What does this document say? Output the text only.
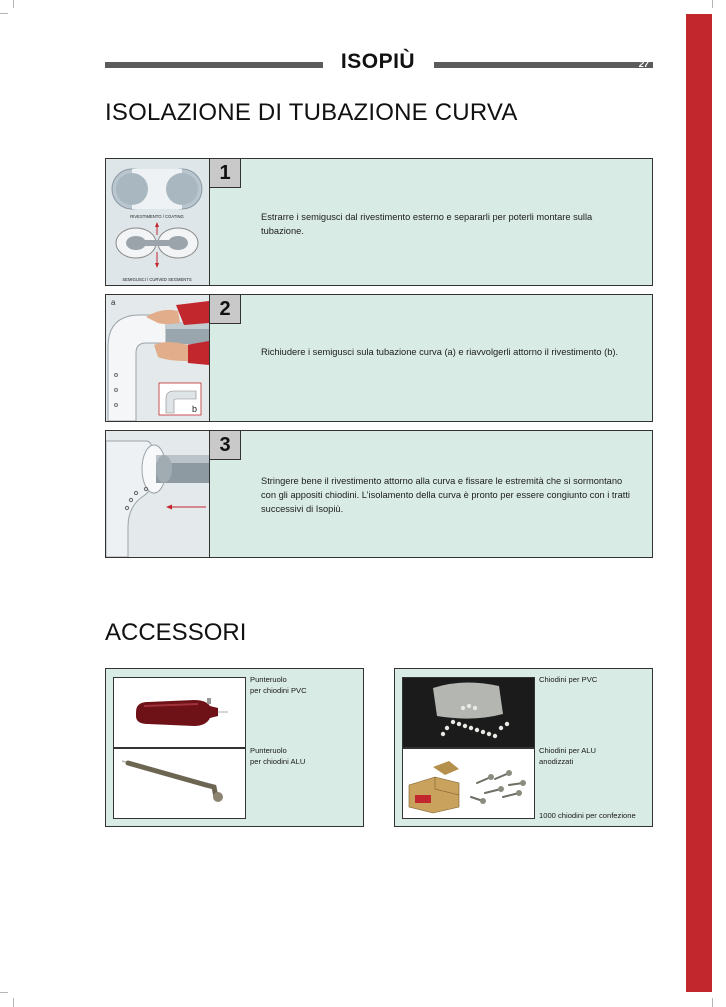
ISOPIÙ	27
ISOLAZIONE DI TUBAZIONE CURVA
RIVESTIMENTO / COATING
SEMIGUSCI / CURVED SEGMENTS
1
Estrarre i semigusci dal rivestimento esterno e separarli per poterli montare sulla tubazione.
a
b
2
Richiudere i semigusci sula tubazione curva (a) e riavvolgerli attorno il rivestimento (b).
3
Stringere bene il rivestimento attorno alla curva e fissare le estremità che si sormontano con gli appositi chiodini. L’isolamento della curva è pronto per essere congiunto con i tratti successivi di Isopiù.
ACCESSORI
Punteruolo
per chiodini PVC
Punteruolo
per chiodini ALU
Chiodini per PVC
Chiodini per ALU
anodizzati
1000 chiodini per confezione
